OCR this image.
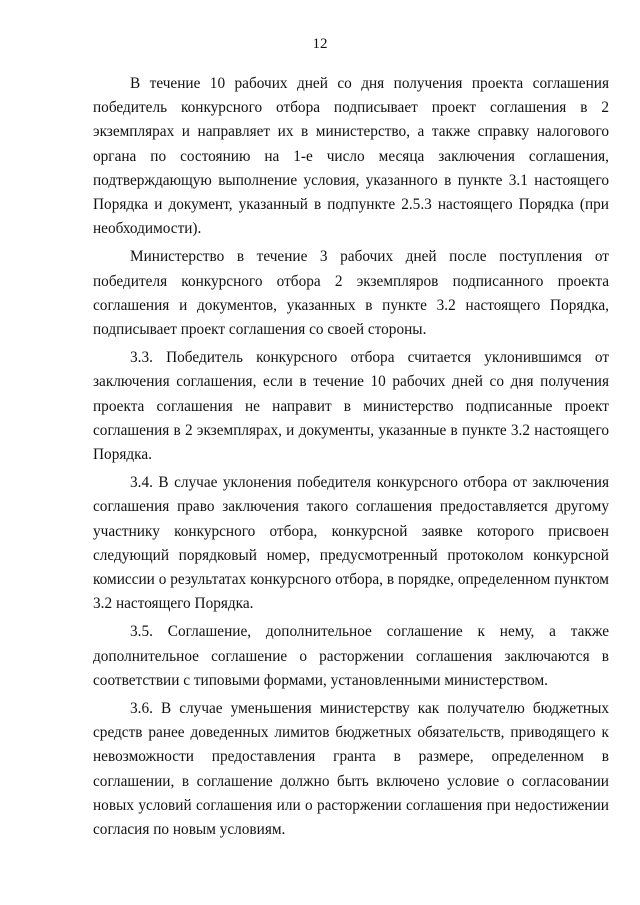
12

В течение 10 рабочих дней со дня получения проекта соглашения победитель конкурсного отбора подписывает проект соглашения в 2 экземплярах и направляет их в министерство, а также справку налогового органа по состоянию на 1-е число месяца заключения соглашения, подтверждающую выполнение условия, указанного в пункте 3.1 настоящего Порядка и документ, указанный в подпункте 2.5.3 настоящего Порядка (при необходимости).

Министерство в течение 3 рабочих дней после поступления от победителя конкурсного отбора 2 экземпляров подписанного проекта соглашения и документов, указанных в пункте 3.2 настоящего Порядка, подписывает проект соглашения со своей стороны.

3.3. Победитель конкурсного отбора считается уклонившимся от заключения соглашения, если в течение 10 рабочих дней со дня получения проекта соглашения не направит в министерство подписанные проект соглашения в 2 экземплярах, и документы, указанные в пункте 3.2 настоящего Порядка.

3.4. В случае уклонения победителя конкурсного отбора от заключения соглашения право заключения такого соглашения предоставляется другому участнику конкурсного отбора, конкурсной заявке которого присвоен следующий порядковый номер, предусмотренный протоколом конкурсной комиссии о результатах конкурсного отбора, в порядке, определенном пунктом 3.2 настоящего Порядка.

3.5. Соглашение, дополнительное соглашение к нему, а также дополнительное соглашение о расторжении соглашения заключаются в соответствии с типовыми формами, установленными министерством.

3.6. В случае уменьшения министерству как получателю бюджетных средств ранее доведенных лимитов бюджетных обязательств, приводящего к невозможности предоставления гранта в размере, определенном в соглашении, в соглашение должно быть включено условие о согласовании новых условий соглашения или о расторжении соглашения при недостижении согласия по новым условиям.
